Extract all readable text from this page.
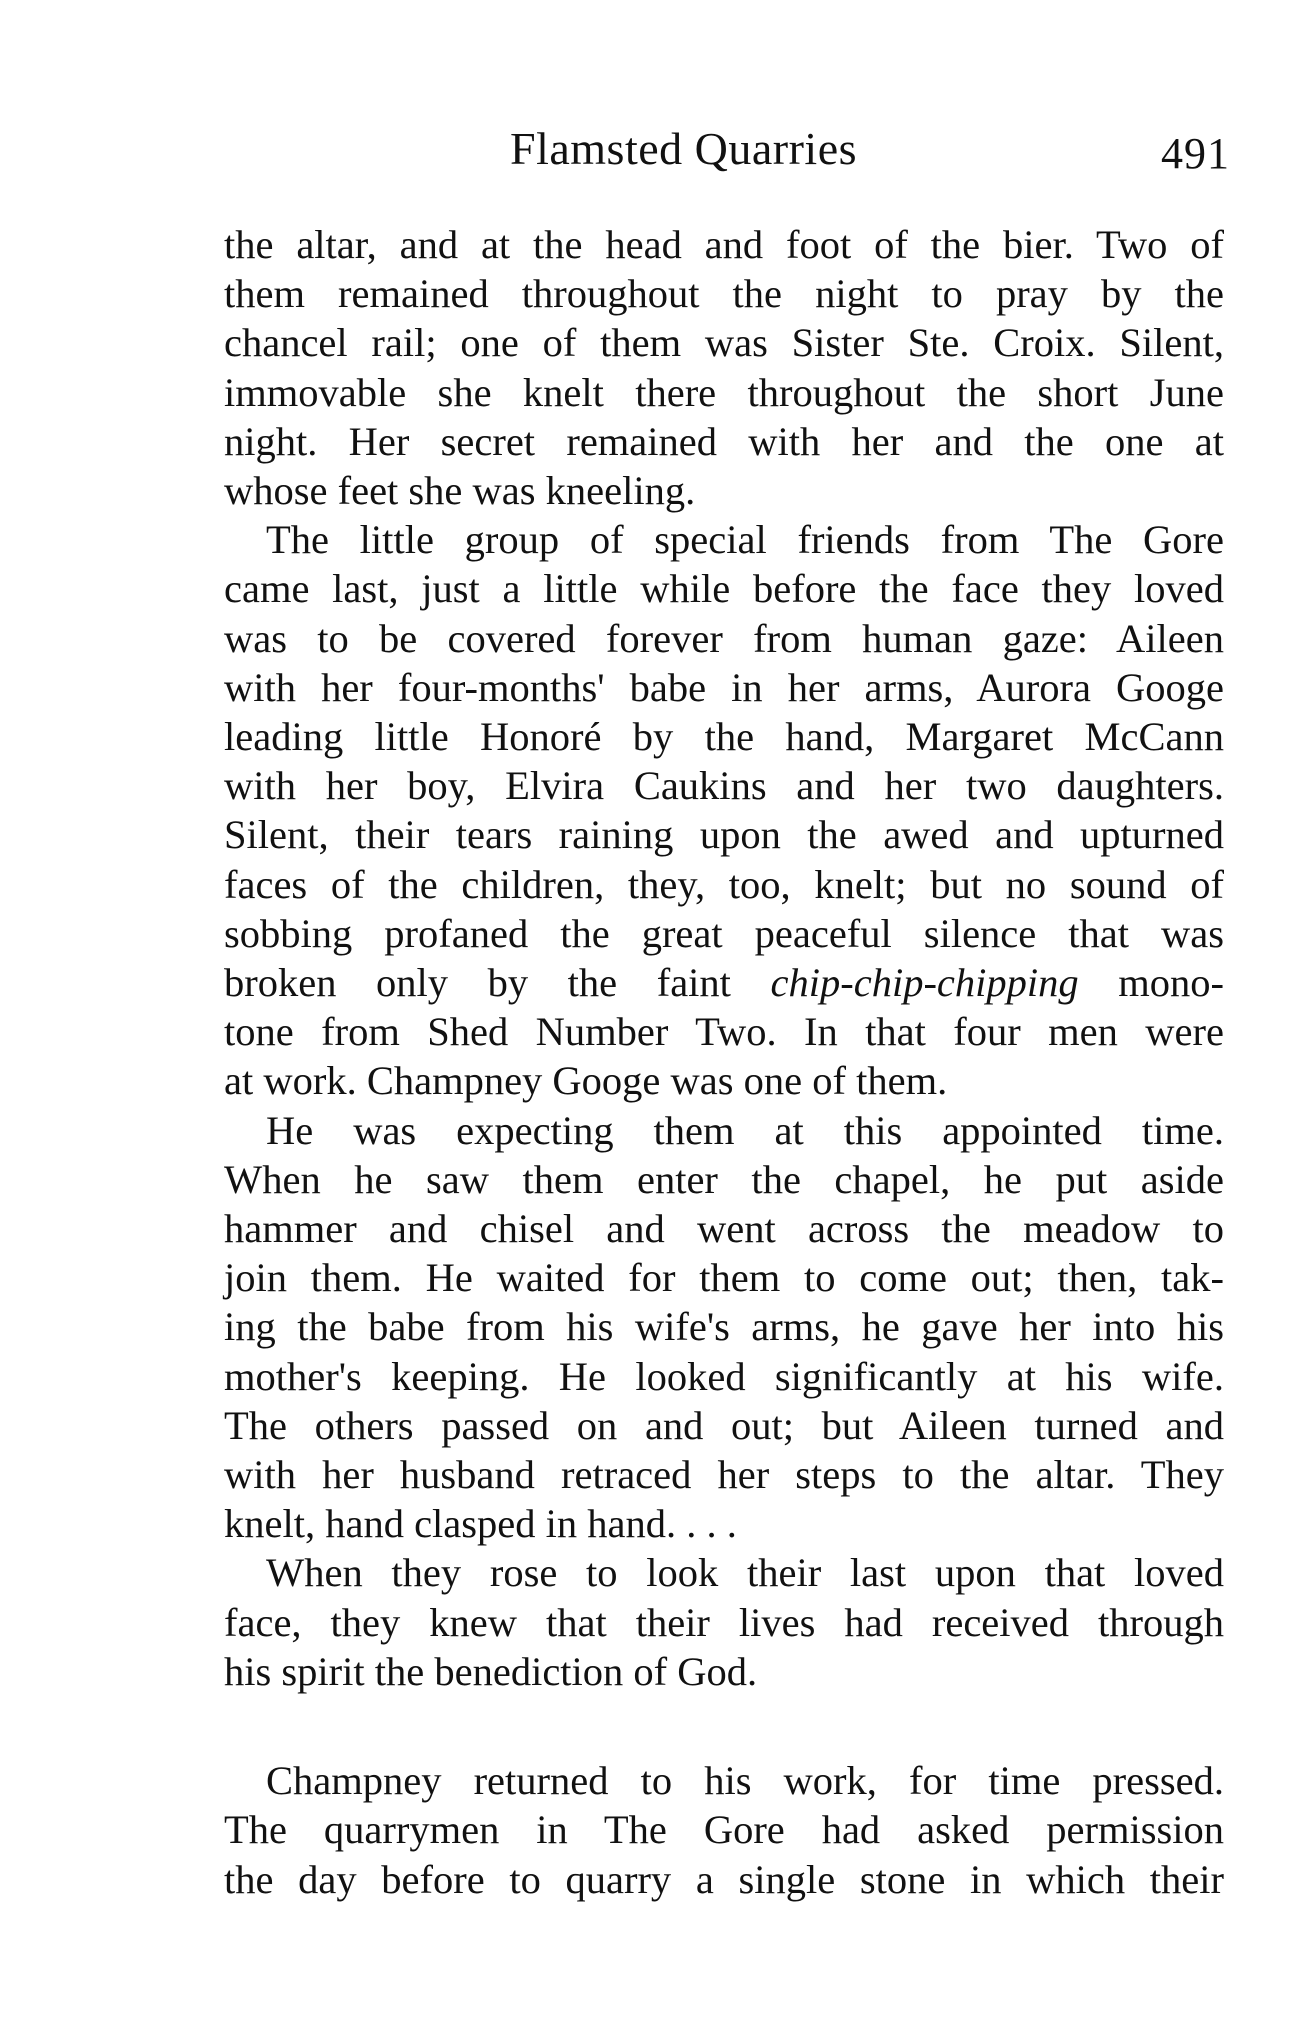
Flamsted Quarries	491

the altar, and at the head and foot of the bier. Two of
them remained throughout the night to pray by the
chancel rail; one of them was Sister Ste. Croix. Silent,
immovable she knelt there throughout the short June
night. Her secret remained with her and the one at
whose feet she was kneeling.

The little group of special friends from The Gore
came last, just a little while before the face they loved
was to be covered forever from human gaze: Aileen
with her four-months' babe in her arms, Aurora Googe
leading little Honoré by the hand, Margaret McCann
with her boy, Elvira Caukins and her two daughters.
Silent, their tears raining upon the awed and upturned
faces of the children, they, too, knelt; but no sound of
sobbing profaned the great peaceful silence that was
broken only by the faint chip-chip-chipping mono-
tone from Shed Number Two. In that four men were
at work. Champney Googe was one of them.

He was expecting them at this appointed time.
When he saw them enter the chapel, he put aside
hammer and chisel and went across the meadow to
join them. He waited for them to come out; then, tak-
ing the babe from his wife's arms, he gave her into his
mother's keeping. He looked significantly at his wife.
The others passed on and out; but Aileen turned and
with her husband retraced her steps to the altar. They
knelt, hand clasped in hand. . . .

When they rose to look their last upon that loved
face, they knew that their lives had received through
his spirit the benediction of God.

Champney returned to his work, for time pressed.
The quarrymen in The Gore had asked permission
the day before to quarry a single stone in which their
